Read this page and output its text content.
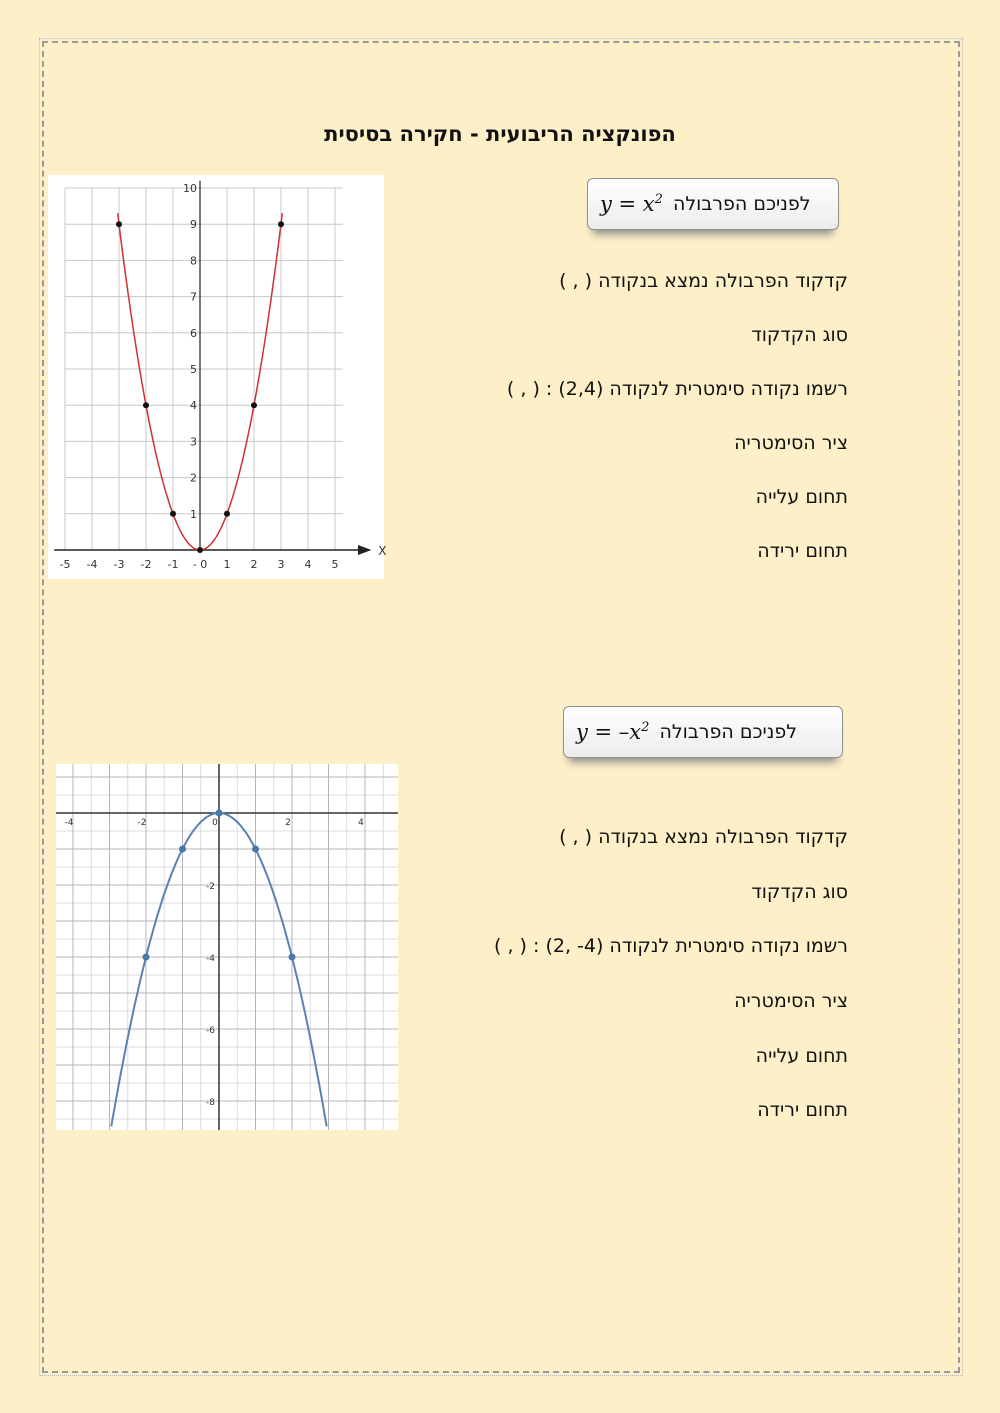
הפונקציה הריבועית - חקירה בסיסית
לפניכם הפרבולה
$y = x^2$
קדקוד הפרבולה נמצא בנקודה ( , )
סוג הקדקוד
רשמו נקודה סימטרית לנקודה (2,4) : ( , )
ציר הסימטריה
תחום עלייה
תחום ירידה
X
-5 -4 -3 -2 -1 - 0 1 2 3 4 5
1
2
3
4
5
6
7
8
9
10
לפניכם הפרבולה
$y = -x^2$
קדקוד הפרבולה נמצא בנקודה ( , )
סוג הקדקוד
רשמו נקודה סימטרית לנקודה (4- ,2) : ( , )
ציר הסימטריה
תחום עלייה
תחום ירידה
-4	-2	0	2	4
-2
-4
-6
-8
